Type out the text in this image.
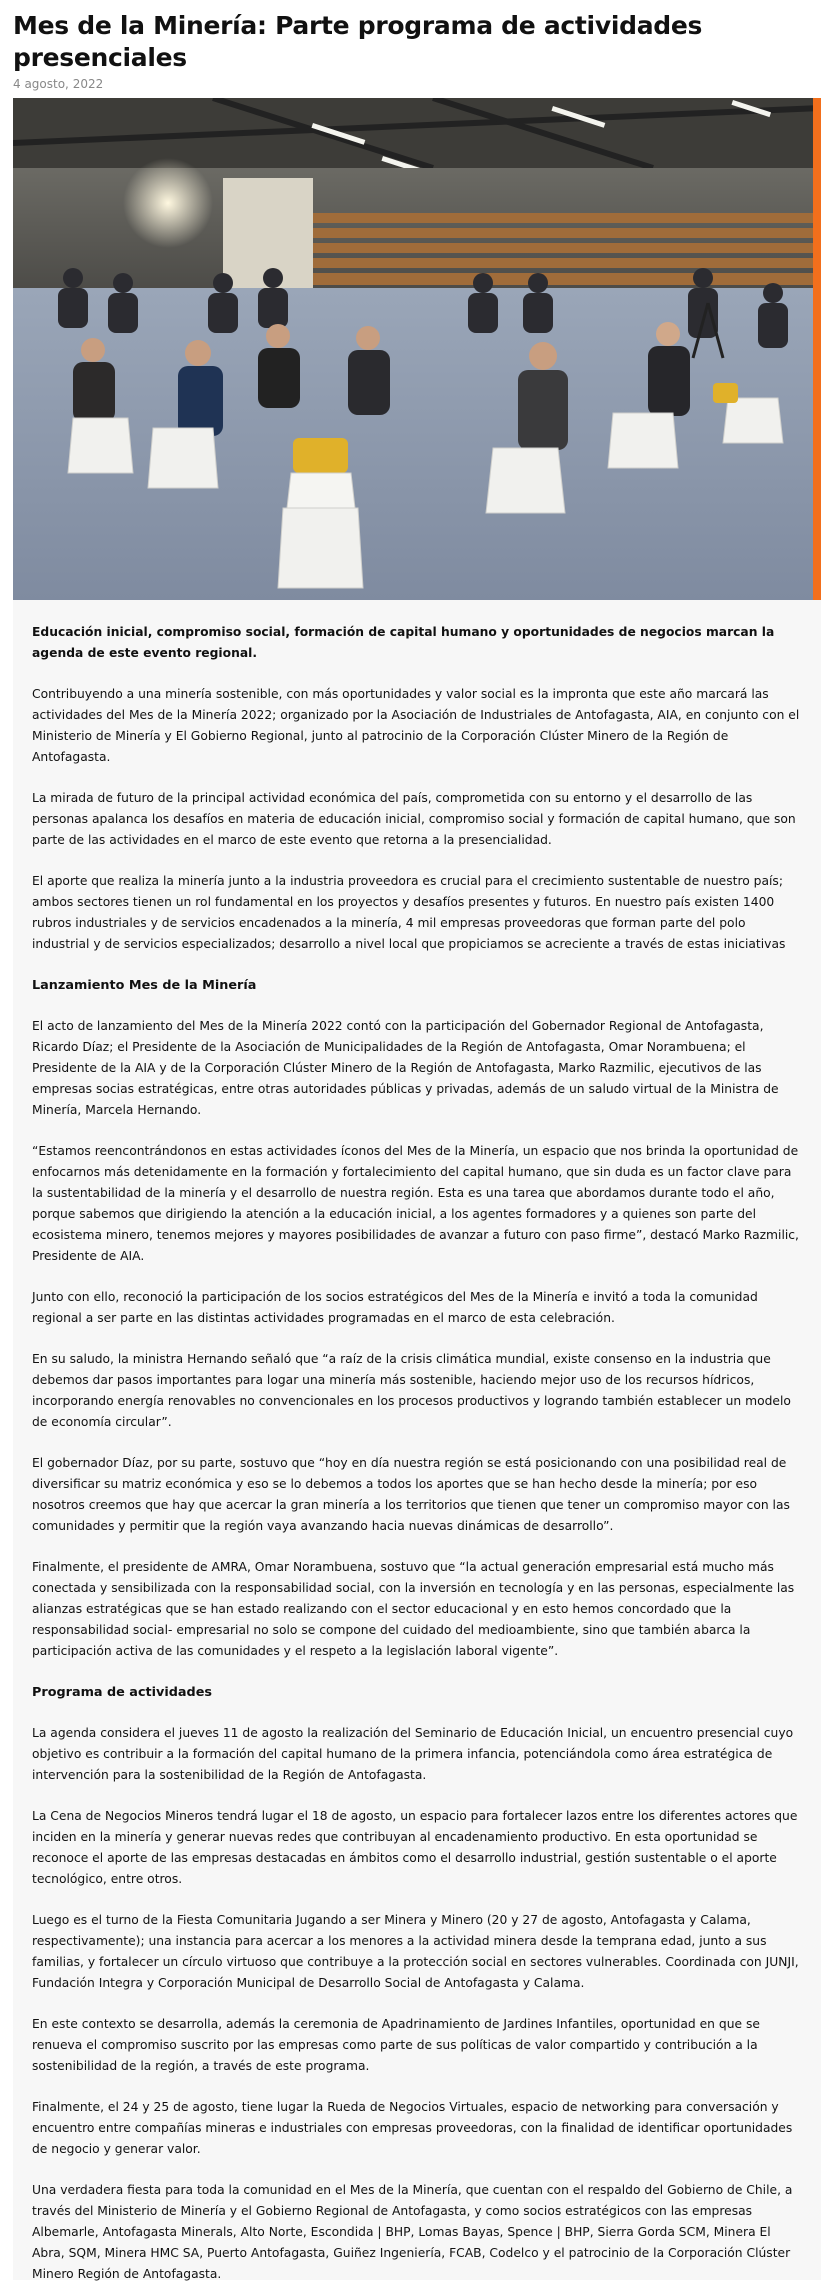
Mes de la Minería: Parte programa de actividades presenciales
4 agosto, 2022

Educación inicial, compromiso social, formación de capital humano y oportunidades de negocios marcan la agenda de este evento regional.

Contribuyendo a una minería sostenible, con más oportunidades y valor social es la impronta que este año marcará las actividades del Mes de la Minería 2022; organizado por la Asociación de Industriales de Antofagasta, AIA, en conjunto con el Ministerio de Minería y El Gobierno Regional, junto al patrocinio de la Corporación Clúster Minero de la Región de Antofagasta.

La mirada de futuro de la principal actividad económica del país, comprometida con su entorno y el desarrollo de las personas apalanca los desafíos en materia de educación inicial, compromiso social y formación de capital humano, que son parte de las actividades en el marco de este evento que retorna a la presencialidad.

El aporte que realiza la minería junto a la industria proveedora es crucial para el crecimiento sustentable de nuestro país; ambos sectores tienen un rol fundamental en los proyectos y desafíos presentes y futuros. En nuestro país existen 1400 rubros industriales y de servicios encadenados a la minería, 4 mil empresas proveedoras que forman parte del polo industrial y de servicios especializados; desarrollo a nivel local que propiciamos se acreciente a través de estas iniciativas

Lanzamiento Mes de la Minería

El acto de lanzamiento del Mes de la Minería 2022 contó con la participación del Gobernador Regional de Antofagasta, Ricardo Díaz; el Presidente de la Asociación de Municipalidades de la Región de Antofagasta, Omar Norambuena; el Presidente de la AIA y de la Corporación Clúster Minero de la Región de Antofagasta, Marko Razmilic, ejecutivos de las empresas socias estratégicas, entre otras autoridades públicas y privadas, además de un saludo virtual de la Ministra de Minería, Marcela Hernando.

“Estamos reencontrándonos en estas actividades íconos del Mes de la Minería, un espacio que nos brinda la oportunidad de enfocarnos más detenidamente en la formación y fortalecimiento del capital humano, que sin duda es un factor clave para la sustentabilidad de la minería y el desarrollo de nuestra región. Esta es una tarea que abordamos durante todo el año, porque sabemos que dirigiendo la atención a la educación inicial, a los agentes formadores y a quienes son parte del ecosistema minero, tenemos mejores y mayores posibilidades de avanzar a futuro con paso firme”, destacó Marko Razmilic, Presidente de AIA.

Junto con ello, reconoció la participación de los socios estratégicos del Mes de la Minería e invitó a toda la comunidad regional a ser parte en las distintas actividades programadas en el marco de esta celebración.

En su saludo, la ministra Hernando señaló que “a raíz de la crisis climática mundial, existe consenso en la industria que debemos dar pasos importantes para logar una minería más sostenible, haciendo mejor uso de los recursos hídricos, incorporando energía renovables no convencionales en los procesos productivos y logrando también establecer un modelo de economía circular”.

El gobernador Díaz, por su parte, sostuvo que “hoy en día nuestra región se está posicionando con una posibilidad real de diversificar su matriz económica y eso se lo debemos a todos los aportes que se han hecho desde la minería; por eso nosotros creemos que hay que acercar la gran minería a los territorios que tienen que tener un compromiso mayor con las comunidades y permitir que la región vaya avanzando hacia nuevas dinámicas de desarrollo”.

Finalmente, el presidente de AMRA, Omar Norambuena, sostuvo que “la actual generación empresarial está mucho más conectada y sensibilizada con la responsabilidad social, con la inversión en tecnología y en las personas, especialmente las alianzas estratégicas que se han estado realizando con el sector educacional y en esto hemos concordado que la responsabilidad social- empresarial no solo se compone del cuidado del medioambiente, sino que también abarca la participación activa de las comunidades y el respeto a la legislación laboral vigente”.

Programa de actividades

La agenda considera el jueves 11 de agosto la realización del Seminario de Educación Inicial, un encuentro presencial cuyo objetivo es contribuir a la formación del capital humano de la primera infancia, potenciándola como área estratégica de intervención para la sostenibilidad de la Región de Antofagasta.

La Cena de Negocios Mineros tendrá lugar el 18 de agosto, un espacio para fortalecer lazos entre los diferentes actores que inciden en la minería y generar nuevas redes que contribuyan al encadenamiento productivo. En esta oportunidad se reconoce el aporte de las empresas destacadas en ámbitos como el desarrollo industrial, gestión sustentable o el aporte tecnológico, entre otros.

Luego es el turno de la Fiesta Comunitaria Jugando a ser Minera y Minero (20 y 27 de agosto, Antofagasta y Calama, respectivamente); una instancia para acercar a los menores a la actividad minera desde la temprana edad, junto a sus familias, y fortalecer un círculo virtuoso que contribuye a la protección social en sectores vulnerables. Coordinada con JUNJI, Fundación Integra y Corporación Municipal de Desarrollo Social de Antofagasta y Calama.

En este contexto se desarrolla, además la ceremonia de Apadrinamiento de Jardines Infantiles, oportunidad en que se renueva el compromiso suscrito por las empresas como parte de sus políticas de valor compartido y contribución a la sostenibilidad de la región, a través de este programa.

Finalmente, el 24 y 25 de agosto, tiene lugar la Rueda de Negocios Virtuales, espacio de networking para conversación y encuentro entre compañías mineras e industriales con empresas proveedoras, con la finalidad de identificar oportunidades de negocio y generar valor.

Una verdadera fiesta para toda la comunidad en el Mes de la Minería, que cuentan con el respaldo del Gobierno de Chile, a través del Ministerio de Minería y el Gobierno Regional de Antofagasta, y como socios estratégicos con las empresas Albemarle, Antofagasta Minerals, Alto Norte, Escondida | BHP, Lomas Bayas, Spence | BHP, Sierra Gorda SCM, Minera El Abra, SQM, Minera HMC SA, Puerto Antofagasta, Guiñez Ingeniería, FCAB, Codelco y el patrocinio de la Corporación Clúster Minero Región de Antofagasta.
